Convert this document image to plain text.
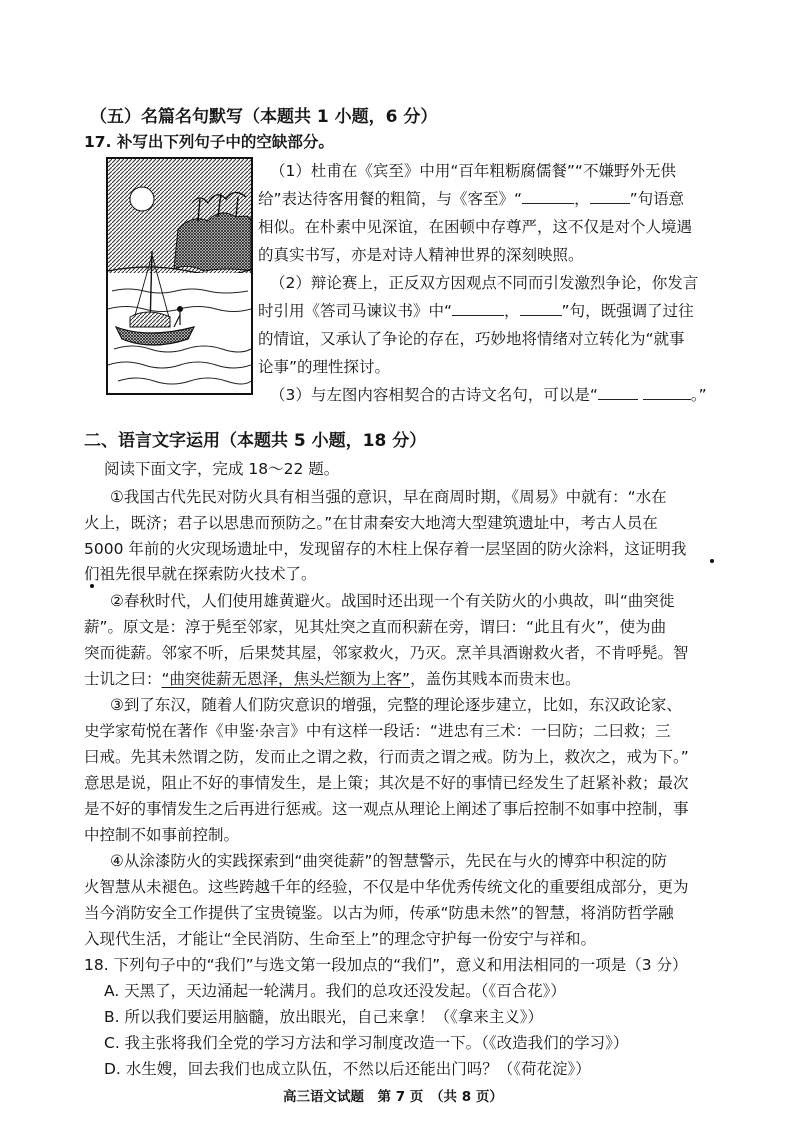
（五）名篇名句默写（本题共 1 小题，6 分）
17. 补写出下列句子中的空缺部分。
（1）杜甫在《宾至》中用“百年粗粝腐儒餐”“不嫌野外无供
给”表达待客用餐的粗简，与《客至》“	，	”句语意
相似。在朴素中见深谊，在困顿中存尊严，这不仅是对个人境遇
的真实书写，亦是对诗人精神世界的深刻映照。
（2）辩论赛上，正反双方因观点不同而引发激烈争论，你发言
时引用《答司马谏议书》中“	，	”句，既强调了过往
的情谊，又承认了争论的存在，巧妙地将情绪对立转化为“就事
论事”的理性探讨。
（3）与左图内容相契合的古诗文名句，可以是“	。”
二、语言文字运用（本题共 5 小题，18 分）
阅读下面文字，完成 18～22 题。
①我国古代先民对防火具有相当强的意识，早在商周时期，《周易》中就有：“水在
火上，既济；君子以思患而预防之。”在甘肃秦安大地湾大型建筑遗址中，考古人员在
5000 年前的火灾现场遗址中，发现留存的木柱上保存着一层坚固的防火涂料，这证明我
们祖先很早就在探索防火技术了。
②春秋时代，人们使用雄黄避火。战国时还出现一个有关防火的小典故，叫“曲突徙
薪”。原文是：淳于髡至邻家，见其灶突之直而积薪在旁，谓曰：“此且有火”，使为曲
突而徙薪。邻家不听，后果焚其屋，邻家救火，乃灭。烹羊具酒谢救火者，不肯呼髡。智
士讥之曰：“曲突徙薪无恩泽，焦头烂额为上客”，盖伤其贱本而贵末也。
③到了东汉，随着人们防灾意识的增强，完整的理论逐步建立，比如，东汉政论家、
史学家荀悦在著作《申鉴·杂言》中有这样一段话：“进忠有三术：一曰防；二曰救；三
曰戒。先其未然谓之防，发而止之谓之救，行而责之谓之戒。防为上，救次之，戒为下。”
意思是说，阻止不好的事情发生，是上策；其次是不好的事情已经发生了赶紧补救；最次
是不好的事情发生之后再进行惩戒。这一观点从理论上阐述了事后控制不如事中控制，事
中控制不如事前控制。
④从涂漆防火的实践探索到“曲突徙薪”的智慧警示，先民在与火的博弈中积淀的防
火智慧从未褪色。这些跨越千年的经验，不仅是中华优秀传统文化的重要组成部分，更为
当今消防安全工作提供了宝贵镜鉴。以古为师，传承“防患未然”的智慧，将消防哲学融
入现代生活，才能让“全民消防、生命至上”的理念守护每一份安宁与祥和。
18. 下列句子中的“我们”与选文第一段加点的“我们”，意义和用法相同的一项是（3 分）
A. 天黑了，天边涌起一轮满月。我们的总攻还没发起。（《百合花》）
B. 所以我们要运用脑髓，放出眼光，自己来拿！（《拿来主义》）
C. 我主张将我们全党的学习方法和学习制度改造一下。（《改造我们的学习》）
D. 水生嫂，回去我们也成立队伍，不然以后还能出门吗？（《荷花淀》）
高三语文试题　第 7 页　（共 8 页）
